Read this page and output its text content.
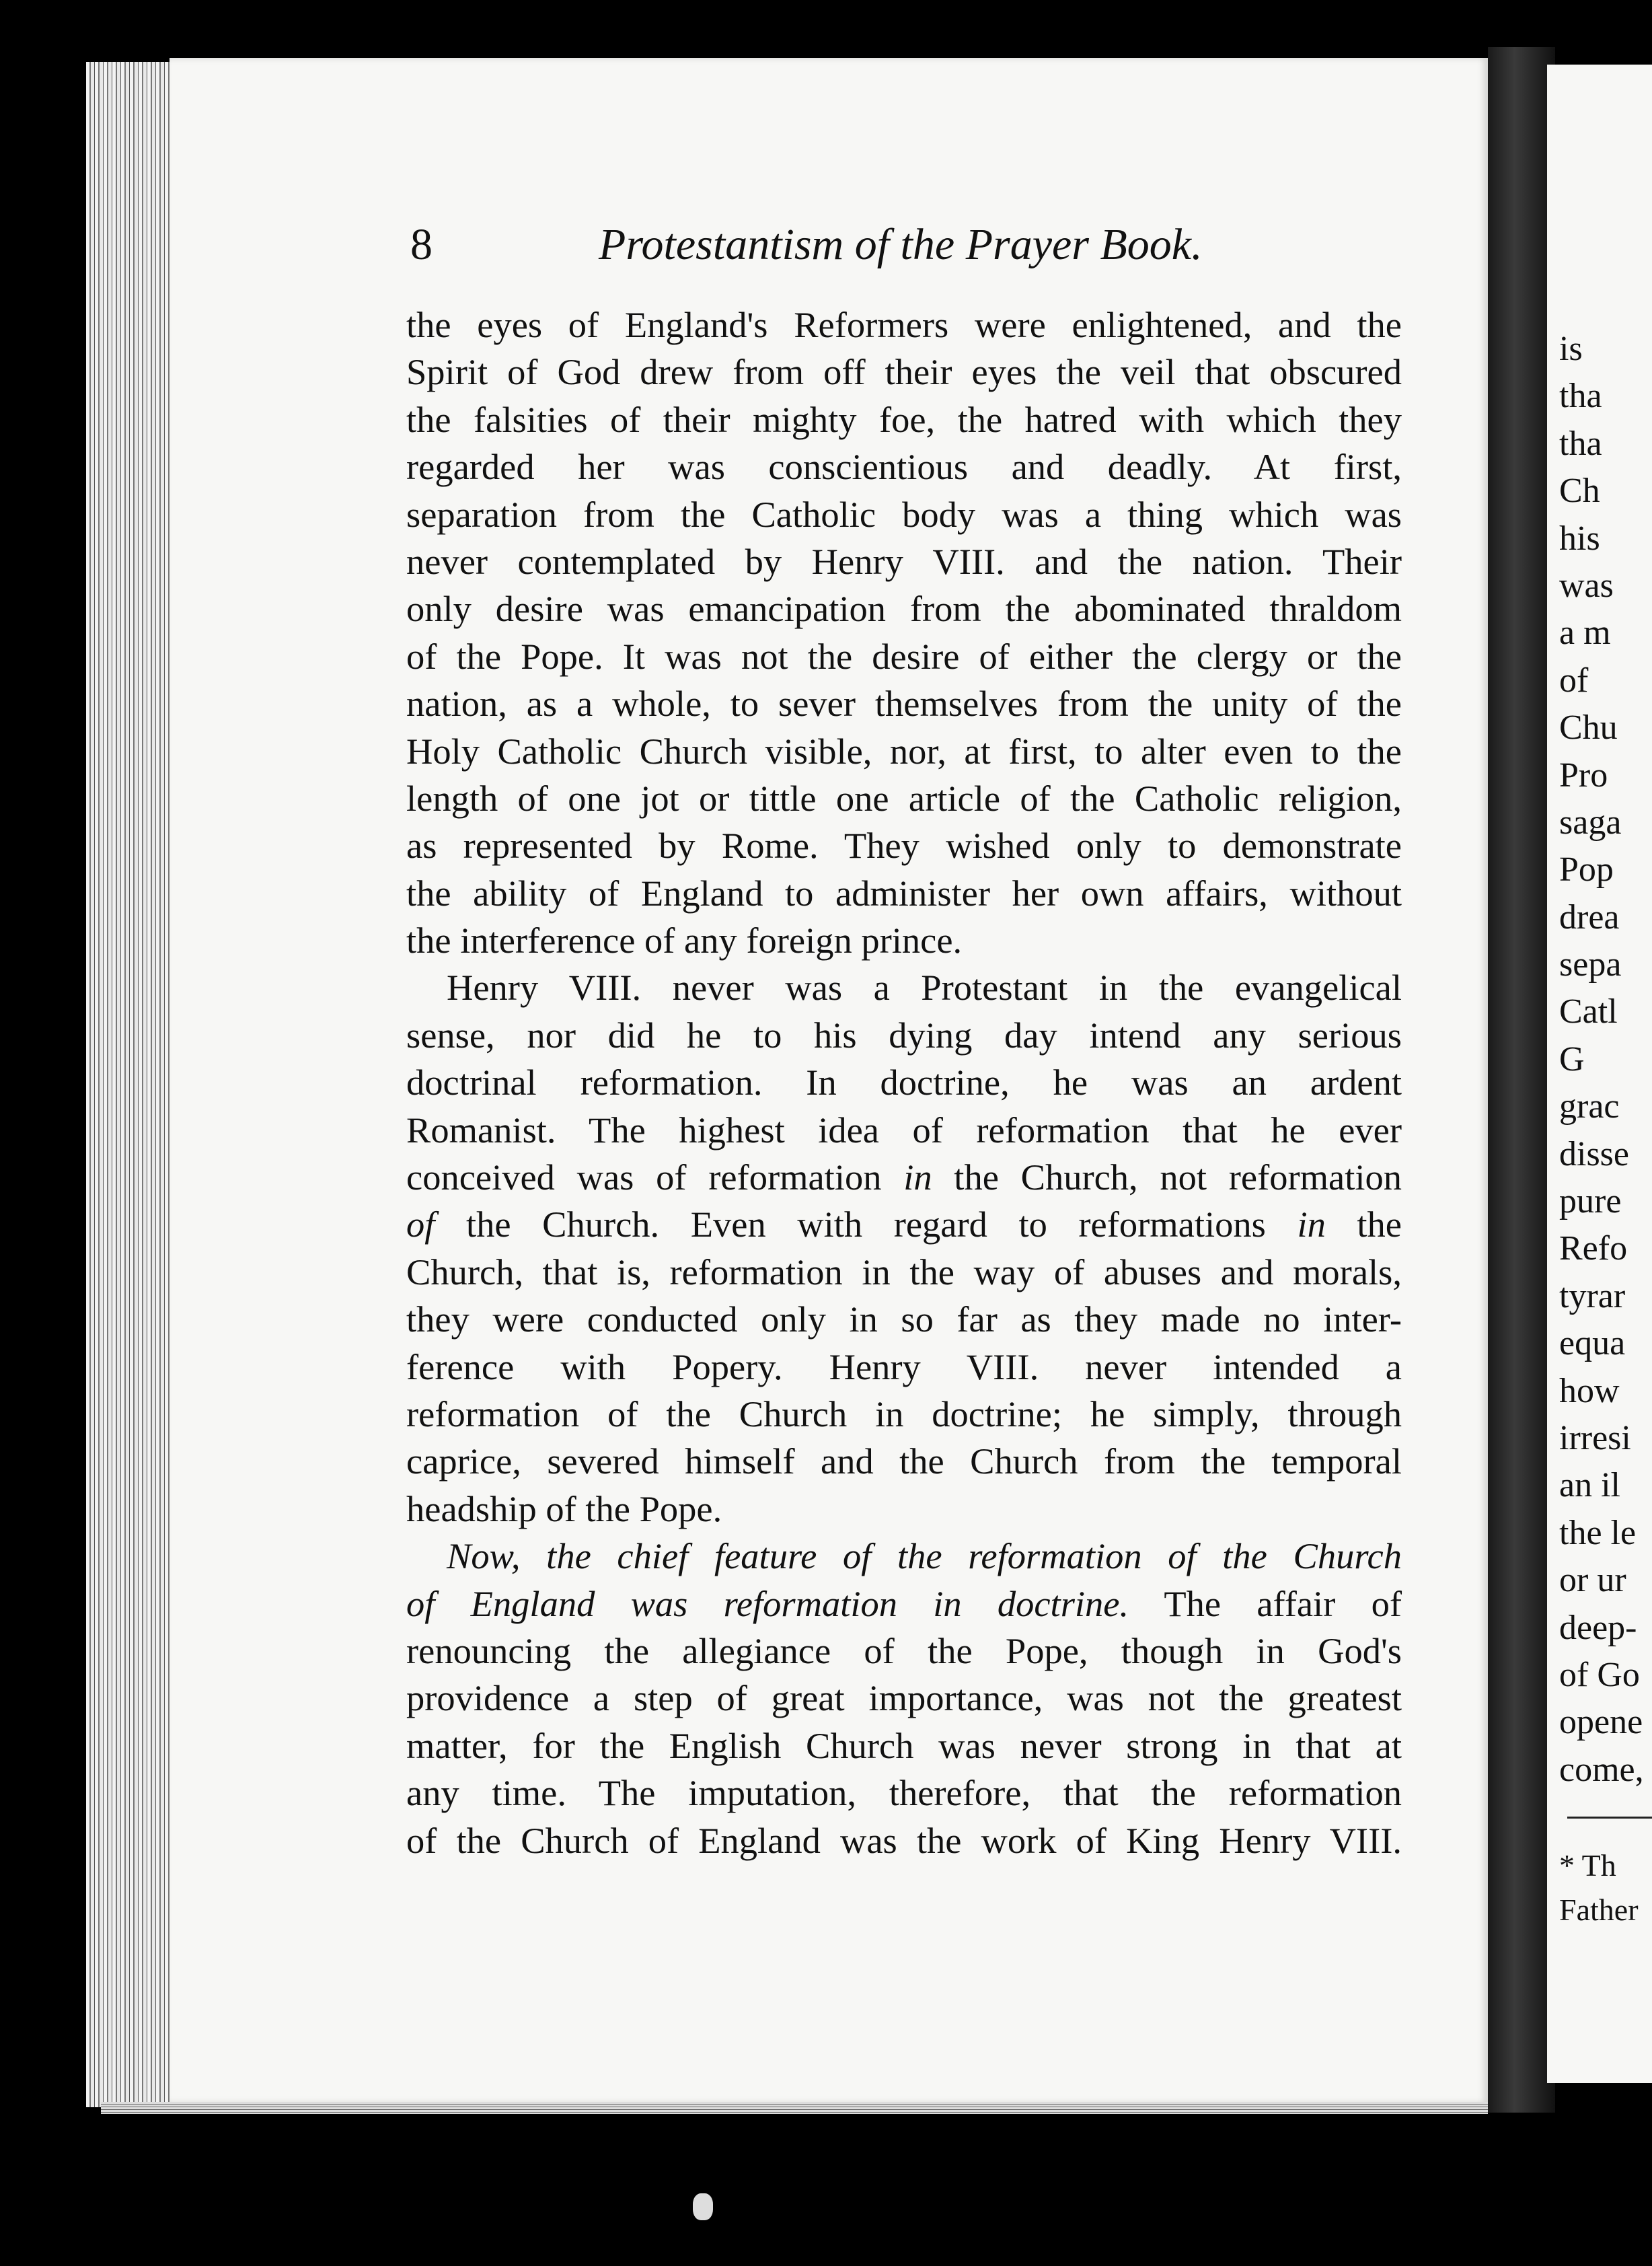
8	Protestantism of the Prayer Book.
the eyes of England's Reformers were enlightened, and the
Spirit of God drew from off their eyes the veil that obscured
the falsities of their mighty foe, the hatred with which they
regarded her was conscientious and deadly. At first,
separation from the Catholic body was a thing which was
never contemplated by Henry VIII. and the nation. Their
only desire was emancipation from the abominated thraldom
of the Pope. It was not the desire of either the clergy or the
nation, as a whole, to sever themselves from the unity of the
Holy Catholic Church visible, nor, at first, to alter even to the
length of one jot or tittle one article of the Catholic religion,
as represented by Rome. They wished only to demonstrate
the ability of England to administer her own affairs, without
the interference of any foreign prince.
Henry VIII. never was a Protestant in the evangelical
sense, nor did he to his dying day intend any serious
doctrinal reformation. In doctrine, he was an ardent
Romanist. The highest idea of reformation that he ever
conceived was of reformation in the Church, not reformation
of the Church. Even with regard to reformations in the
Church, that is, reformation in the way of abuses and morals,
they were conducted only in so far as they made no inter-
ference with Popery. Henry VIII. never intended a
reformation of the Church in doctrine; he simply, through
caprice, severed himself and the Church from the temporal
headship of the Pope.
Now, the chief feature of the reformation of the Church
of England was reformation in doctrine. The affair of
renouncing the allegiance of the Pope, though in God's
providence a step of great importance, was not the greatest
matter, for the English Church was never strong in that at
any time. The imputation, therefore, that the reformation
of the Church of England was the work of King Henry VIII.
is
tha
tha
Ch
his
was
a m
of
Chu
Pro
saga
Pop
drea
sepa
Catl
G
grac
disse
pure
Refo
tyrar
equa
how
irresi
an il
the le
or ur
deep-
of Go
opene
come,
* Th
Father
